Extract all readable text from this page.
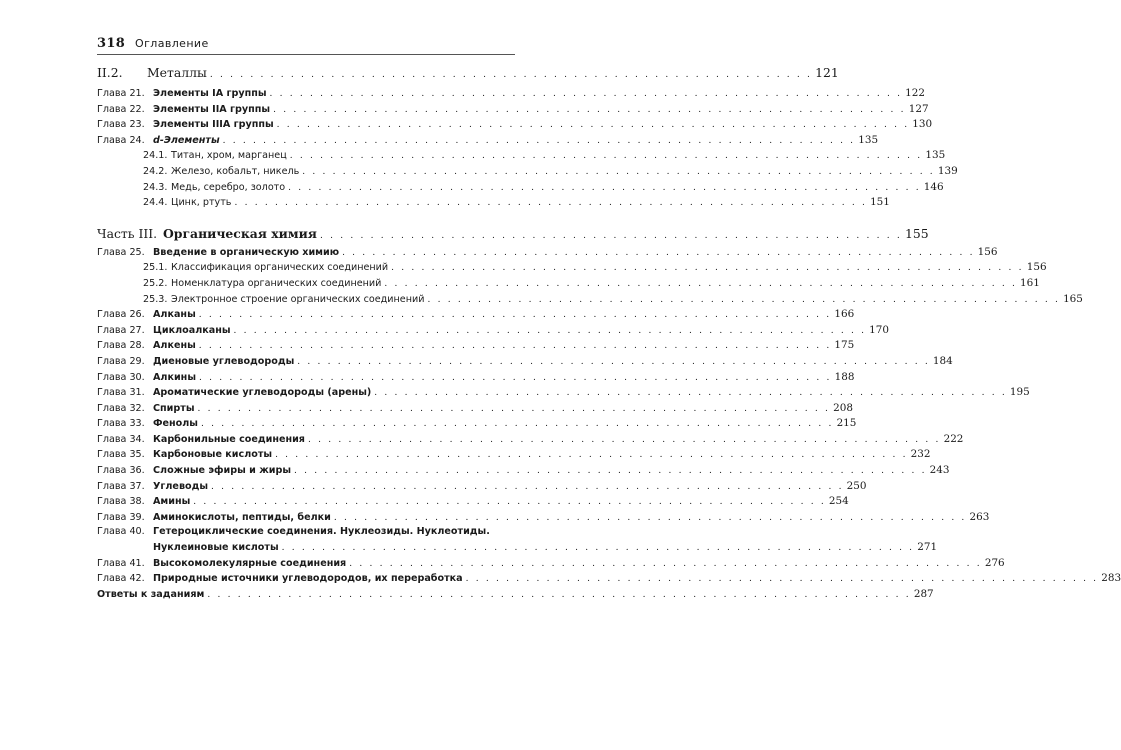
318 Оглавление
II.2.	Металлы . . . . . . . . . . . . . . . . . . . . . . . . . . . . . . . . . . . . . . . . . . . . . . . . . . . . . . . . . . . . 121
Глава 21. Элементы IA группы . . . . . . . . . . . . . . . . . . . . . . . . . . . . . . . . . . . . . . . . . . . . . . . . . . . . . . . . . . . . . . . 122
Глава 22. Элементы IIA группы . . . . . . . . . . . . . . . . . . . . . . . . . . . . . . . . . . . . . . . . . . . . . . . . . . . . . . . . . . . . . . . 127
Глава 23. Элементы IIIA группы . . . . . . . . . . . . . . . . . . . . . . . . . . . . . . . . . . . . . . . . . . . . . . . . . . . . . . . . . . . . . . . 130
Глава 24. d-Элементы . . . . . . . . . . . . . . . . . . . . . . . . . . . . . . . . . . . . . . . . . . . . . . . . . . . . . . . . . . . . . . . 135
24.1. Титан, хром, марганец . . . . . . . . . . . . . . . . . . . . . . . . . . . . . . . . . . . . . . . . . . . . . . . . . . . . . . . . . . . . . . . 135
24.2. Железо, кобальт, никель . . . . . . . . . . . . . . . . . . . . . . . . . . . . . . . . . . . . . . . . . . . . . . . . . . . . . . . . . . . . . . . 139
24.3. Медь, серебро, золото . . . . . . . . . . . . . . . . . . . . . . . . . . . . . . . . . . . . . . . . . . . . . . . . . . . . . . . . . . . . . . . 146
24.4. Цинк, ртуть . . . . . . . . . . . . . . . . . . . . . . . . . . . . . . . . . . . . . . . . . . . . . . . . . . . . . . . . . . . . . . . 151
Часть III. Органическая химия . . . . . . . . . . . . . . . . . . . . . . . . . . . . . . . . . . . . . . . . . . . . . . . . . . . . . . . . . . 155
Глава 25. Введение в органическую химию . . . . . . . . . . . . . . . . . . . . . . . . . . . . . . . . . . . . . . . . . . . . . . . . . . . . . . . . . . . . . . . 156
25.1. Классификация органических соединений . . . . . . . . . . . . . . . . . . . . . . . . . . . . . . . . . . . . . . . . . . . . . . . . . . . . . . . . . . . . . . . 156
25.2. Номенклатура органических соединений . . . . . . . . . . . . . . . . . . . . . . . . . . . . . . . . . . . . . . . . . . . . . . . . . . . . . . . . . . . . . . . 161
25.3. Электронное строение органических соединений . . . . . . . . . . . . . . . . . . . . . . . . . . . . . . . . . . . . . . . . . . . . . . . . . . . . . . . . . . . . . . . 165
Глава 26. Алканы . . . . . . . . . . . . . . . . . . . . . . . . . . . . . . . . . . . . . . . . . . . . . . . . . . . . . . . . . . . . . . . 166
Глава 27. Циклоалканы . . . . . . . . . . . . . . . . . . . . . . . . . . . . . . . . . . . . . . . . . . . . . . . . . . . . . . . . . . . . . . . 170
Глава 28. Алкены . . . . . . . . . . . . . . . . . . . . . . . . . . . . . . . . . . . . . . . . . . . . . . . . . . . . . . . . . . . . . . . 175
Глава 29. Диеновые углеводороды . . . . . . . . . . . . . . . . . . . . . . . . . . . . . . . . . . . . . . . . . . . . . . . . . . . . . . . . . . . . . . . 184
Глава 30. Алкины . . . . . . . . . . . . . . . . . . . . . . . . . . . . . . . . . . . . . . . . . . . . . . . . . . . . . . . . . . . . . . . 188
Глава 31. Ароматические углеводороды (арены) . . . . . . . . . . . . . . . . . . . . . . . . . . . . . . . . . . . . . . . . . . . . . . . . . . . . . . . . . . . . . . . 195
Глава 32. Спирты . . . . . . . . . . . . . . . . . . . . . . . . . . . . . . . . . . . . . . . . . . . . . . . . . . . . . . . . . . . . . . . 208
Глава 33. Фенолы . . . . . . . . . . . . . . . . . . . . . . . . . . . . . . . . . . . . . . . . . . . . . . . . . . . . . . . . . . . . . . . 215
Глава 34. Карбонильные соединения . . . . . . . . . . . . . . . . . . . . . . . . . . . . . . . . . . . . . . . . . . . . . . . . . . . . . . . . . . . . . . . 222
Глава 35. Карбоновые кислоты . . . . . . . . . . . . . . . . . . . . . . . . . . . . . . . . . . . . . . . . . . . . . . . . . . . . . . . . . . . . . . . 232
Глава 36. Сложные эфиры и жиры . . . . . . . . . . . . . . . . . . . . . . . . . . . . . . . . . . . . . . . . . . . . . . . . . . . . . . . . . . . . . . . 243
Глава 37. Углеводы . . . . . . . . . . . . . . . . . . . . . . . . . . . . . . . . . . . . . . . . . . . . . . . . . . . . . . . . . . . . . . . 250
Глава 38. Амины . . . . . . . . . . . . . . . . . . . . . . . . . . . . . . . . . . . . . . . . . . . . . . . . . . . . . . . . . . . . . . . 254
Глава 39. Аминокислоты, пептиды, белки . . . . . . . . . . . . . . . . . . . . . . . . . . . . . . . . . . . . . . . . . . . . . . . . . . . . . . . . . . . . . . . 263
Глава 40. Гетероциклические соединения. Нуклеозиды. Нуклеотиды.
Нуклеиновые кислоты . . . . . . . . . . . . . . . . . . . . . . . . . . . . . . . . . . . . . . . . . . . . . . . . . . . . . . . . . . . . . . . 271
Глава 41. Высокомолекулярные соединения . . . . . . . . . . . . . . . . . . . . . . . . . . . . . . . . . . . . . . . . . . . . . . . . . . . . . . . . . . . . . . . 276
Глава 42. Природные источники углеводородов, их переработка . . . . . . . . . . . . . . . . . . . . . . . . . . . . . . . . . . . . . . . . . . . . . . . . . . . . . . . . . . . . . . . 283
Ответы к заданиям . . . . . . . . . . . . . . . . . . . . . . . . . . . . . . . . . . . . . . . . . . . . . . . . . . . . . . . . . . . . . . . . . . . . . . 287
